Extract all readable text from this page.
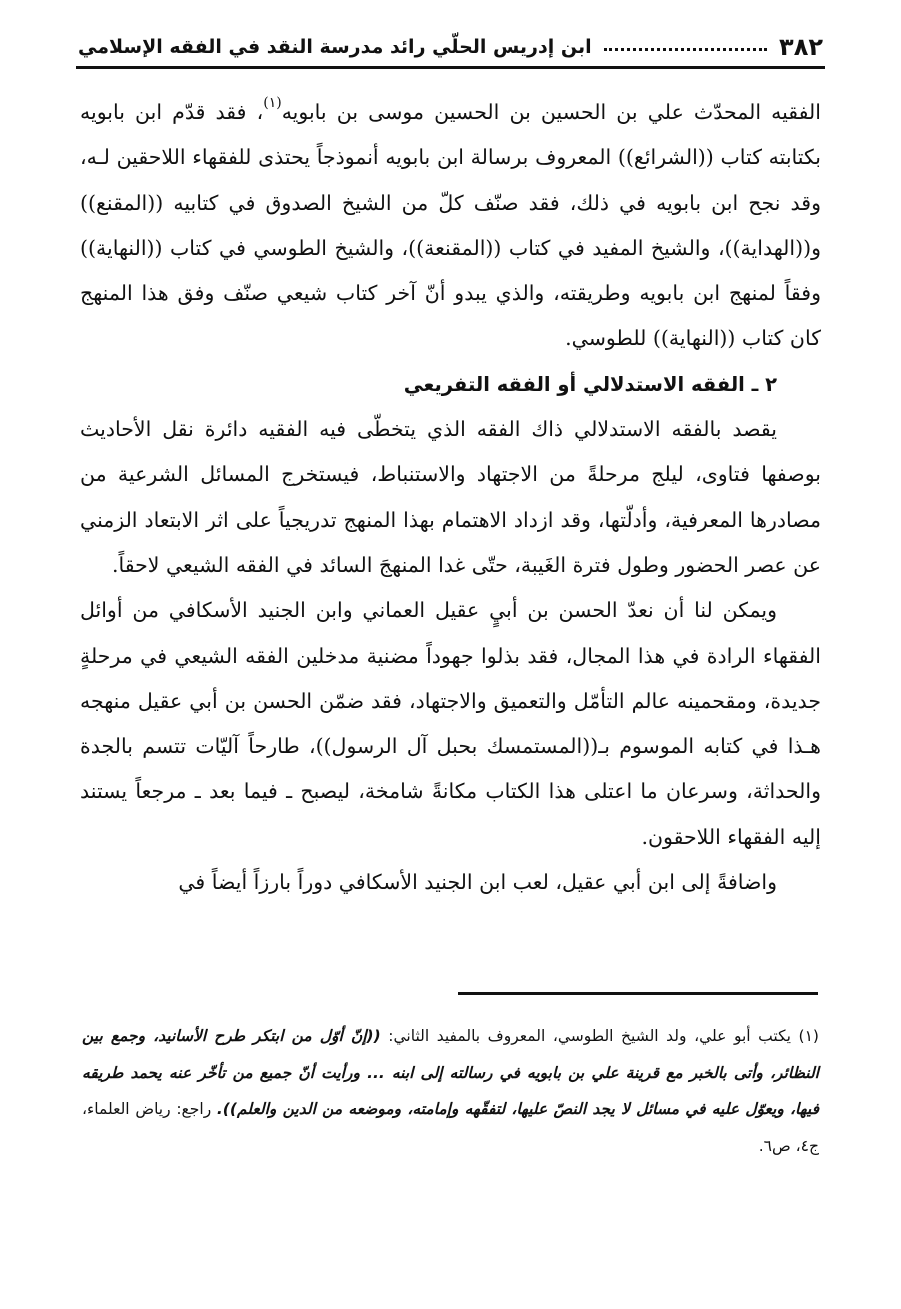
٣٨٢
ابن إدريس الحلّي رائد مدرسة النقد في الفقه الإسلامي

الفقيه المحدّث علي بن الحسين بن الحسين موسى بن بابويه$^{(١)}$، فقد قدّم ابن بابويه بكتابته كتاب ((الشرائع)) المعروف برسالة ابن بابويه أنموذجاً يحتذى للفقهاء اللاحقين لـه، وقد نجح ابن بابويه في ذلك، فقد صنّف كلّ من الشيخ الصدوق في كتابيه ((المقنع)) و((الهداية))، والشيخ المفيد في كتاب ((المقنعة))، والشيخ الطوسي في كتاب ((النهاية)) وفقاً لمنهج ابن بابويه وطريقته، والذي يبدو أنّ آخر كتاب شيعي صنّف وفق هذا المنهج كان كتاب ((النهاية)) للطوسي.

٢ ـ الفقه الاستدلالي أو الفقه التفريعي

يقصد بالفقه الاستدلالي ذاك الفقه الذي يتخطّى فيه الفقيه دائرة نقل الأحاديث بوصفها فتاوى، ليلج مرحلةً من الاجتهاد والاستنباط، فيستخرج المسائل الشرعية من مصادرها المعرفية، وأدلّتها، وقد ازداد الاهتمام بهذا المنهج تدريجياً على اثر الابتعاد الزمني عن عصر الحضور وطول فترة الغَيبة، حتّى غدا المنهجَ السائد في الفقه الشيعي لاحقاً.

ويمكن لنا أن نعدّ الحسن بن أبيٍ عقيل العماني وابن الجنيد الأسكافي من أوائل الفقهاء الرادة في هذا المجال، فقد بذلوا جهوداً مضنية مدخلين الفقه الشيعي في مرحلةٍ جديدة، ومقحمينه عالم التأمّل والتعميق والاجتهاد، فقد ضمّن الحسن بن أبي عقيل منهجه هـذا في كتابه الموسوم بـ((المستمسك بحبل آل الرسول))، طارحاً آليّات تتسم بالجدة والحداثة، وسرعان ما اعتلى هذا الكتاب مكانةً شامخة، ليصبح ـ فيما بعد ـ مرجعاً يستند إليه الفقهاء اللاحقون.

واضافةً إلى ابن أبي عقيل، لعب ابن الجنيد الأسكافي دوراً بارزاً أيضاً في

(١) يكتب أبو علي، ولد الشيخ الطوسي، المعروف بالمفيد الثاني: ((إنّ أوّل من ابتكر طرح الأسانيد، وجمع بين النظائر، وأتى بالخبر مع قرينة علي بن بابويه في رسالته إلى ابنه ... ورأيت أنّ جميع من تأخّر عنه يحمد طريقه فيها، ويعوّل عليه في مسائل لا يجد النصّ عليها، لتفقّهه وإمامته، وموضعه من الدين والعلم)). راجع: رياض العلماء، ج٤، ص٦.
